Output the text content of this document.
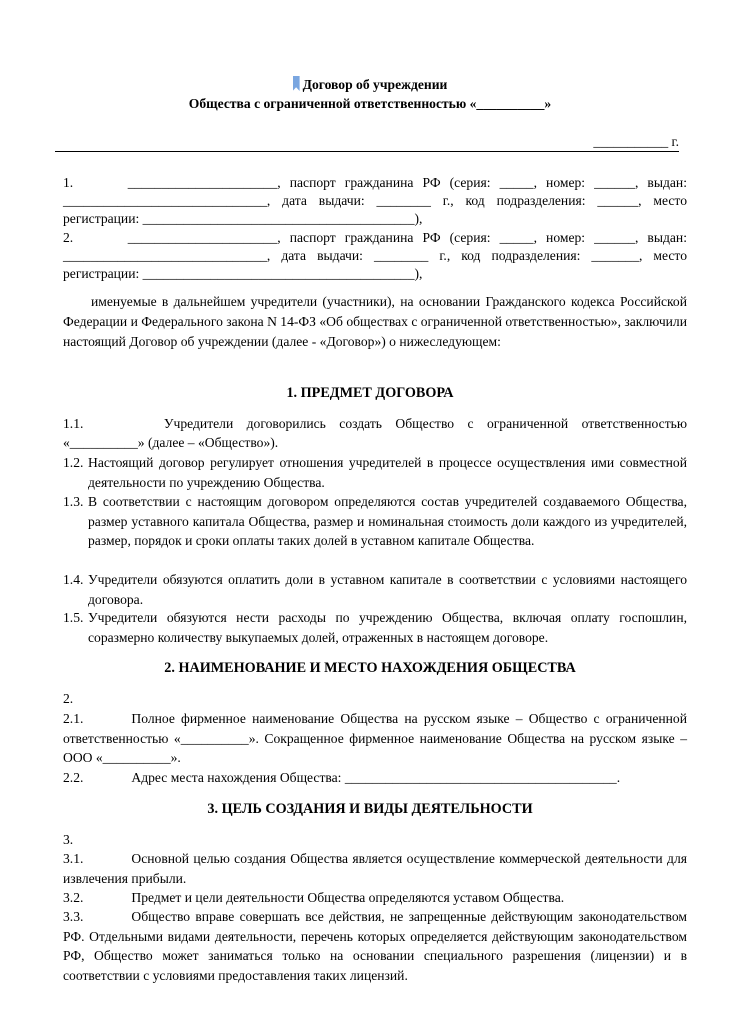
Договор об учреждении
Общества с ограниченной ответственностью «__________»
___________ г.
1.      ______________________, паспорт гражданина РФ (серия: _____, номер: ______, выдан:
______________________________, дата выдачи: ________ г., код подразделения: ______, место
регистрации: ________________________________________),
2.      ______________________, паспорт гражданина РФ (серия: _____, номер: ______, выдан:
______________________________, дата выдачи: ________ г., код подразделения: _______, место
регистрации: ________________________________________),
именуемые в дальнейшем учредители (участники), на основании Гражданского кодекса Российской Федерации и Федерального закона N 14-ФЗ «Об обществах с ограниченной ответственностью», заключили настоящий Договор об учреждении (далее - «Договор») о нижеследующем:
1. ПРЕДМЕТ ДОГОВОРА
1.1.      Учредители договорились создать Общество с ограниченной ответственностью
«__________» (далее – «Общество»).
1.2. Настоящий договор регулирует отношения учредителей в процессе осуществления ими совместной деятельности по учреждению Общества.
1.3. В соответствии с настоящим договором определяются состав учредителей создаваемого Общества, размер уставного капитала Общества, размер и номинальная стоимость доли каждого из учредителей, размер, порядок и сроки оплаты таких долей в уставном капитале Общества.
1.4. Учредители обязуются оплатить доли в уставном капитале в соответствии с условиями настоящего договора.
1.5. Учредители обязуются нести расходы по учреждению Общества, включая оплату госпошлин, соразмерно количеству выкупаемых долей, отраженных в настоящем договоре.
2. НАИМЕНОВАНИЕ И МЕСТО НАХОЖДЕНИЯ ОБЩЕСТВА
2.
2.1.	Полное фирменное наименование Общества на русском языке – Общество с ограниченной ответственностью «__________». Сокращенное фирменное наименование Общества на русском языке – ООО «__________».
2.2.	Адрес места нахождения Общества: ________________________________________.
3. ЦЕЛЬ СОЗДАНИЯ И ВИДЫ ДЕЯТЕЛЬНОСТИ
3.
3.1.	Основной целью создания Общества является осуществление коммерческой деятельности для извлечения прибыли.
3.2.	Предмет и цели деятельности Общества определяются уставом Общества.
3.3.	Общество вправе совершать все действия, не запрещенные действующим законодательством РФ. Отдельными видами деятельности, перечень которых определяется действующим законодательством РФ, Общество может заниматься только на основании специального разрешения (лицензии) и в соответствии с условиями предоставления таких лицензий.
